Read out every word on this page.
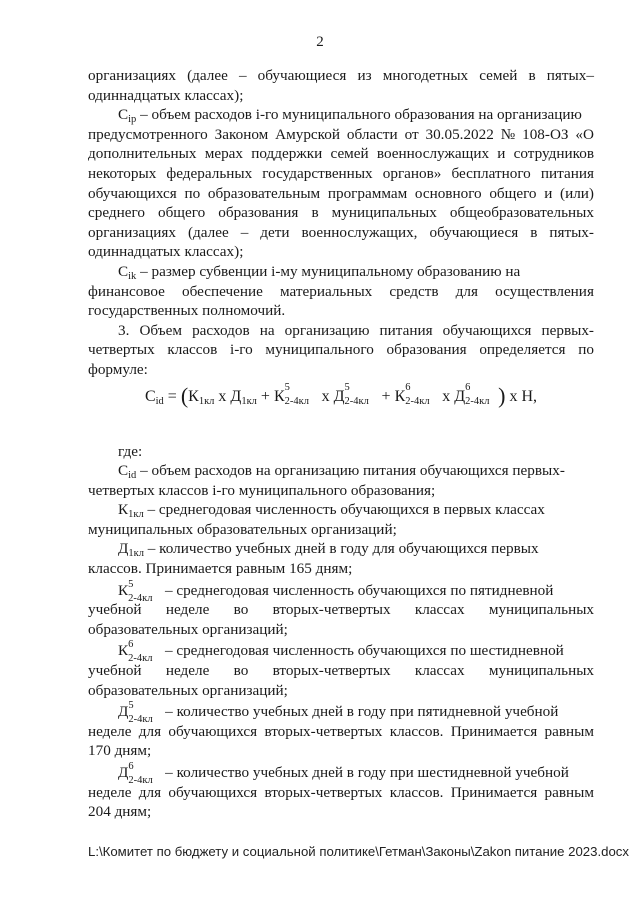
2
организациях (далее – обучающиеся из многодетных семей в пятых–
одиннадцатых классах);
$C_{ip}$ – объем расходов i-го муниципального образования на организацию
предусмотренного Законом Амурской области от 30.05.2022 № 108-ОЗ «О
дополнительных мерах поддержки семей военнослужащих и сотрудников
некоторых федеральных государственных органов» бесплатного питания
обучающихся по образовательным программам основного общего и (или)
среднего общего образования в муниципальных общеобразовательных
организациях (далее – дети военнослужащих, обучающиеся в пятых-
одиннадцатых классах);
$C_{ik}$ – размер субвенции i-му муниципальному образованию на
финансовое обеспечение материальных средств для осуществления
государственных полномочий.
3. Объем расходов на организацию питания обучающихся первых-
четвертых классов i-го муниципального образования определяется по
формуле:
$C_{id} = (К_{1кл}$ x $Д_{1кл} + К$
5
2-4кл x Д
5
2-4кл + К
6
2-4кл x Д
6
2-4кл ) x Н,
где:
$C_{id}$ – объем расходов на организацию питания обучающихся первых-
четвертых классов i-го муниципального образования;
$К_{1кл}$ – среднегодовая численность обучающихся в первых классах
муниципальных образовательных организаций;
$Д_{1кл}$ – количество учебных дней в году для обучающихся первых
классов. Принимается равным 165 дням;
К 5
2-4кл – среднегодовая численность обучающихся по пятидневной
учебной неделе во вторых-четвертых классах муниципальных
образовательных организаций;
К 6
2-4кл – среднегодовая численность обучающихся по шестидневной
учебной неделе во вторых-четвертых классах муниципальных
образовательных организаций;
Д 5
2-4кл – количество учебных дней в году при пятидневной учебной
неделе для обучающихся вторых-четвертых классов. Принимается равным
170 дням;
Д 6
2-4кл – количество учебных дней в году при шестидневной учебной
неделе для обучающихся вторых-четвертых классов. Принимается равным
204 дням;
L:\Комитет по бюджету и социальной политике\Гетман\Законы\Zakon питание 2023.docx
